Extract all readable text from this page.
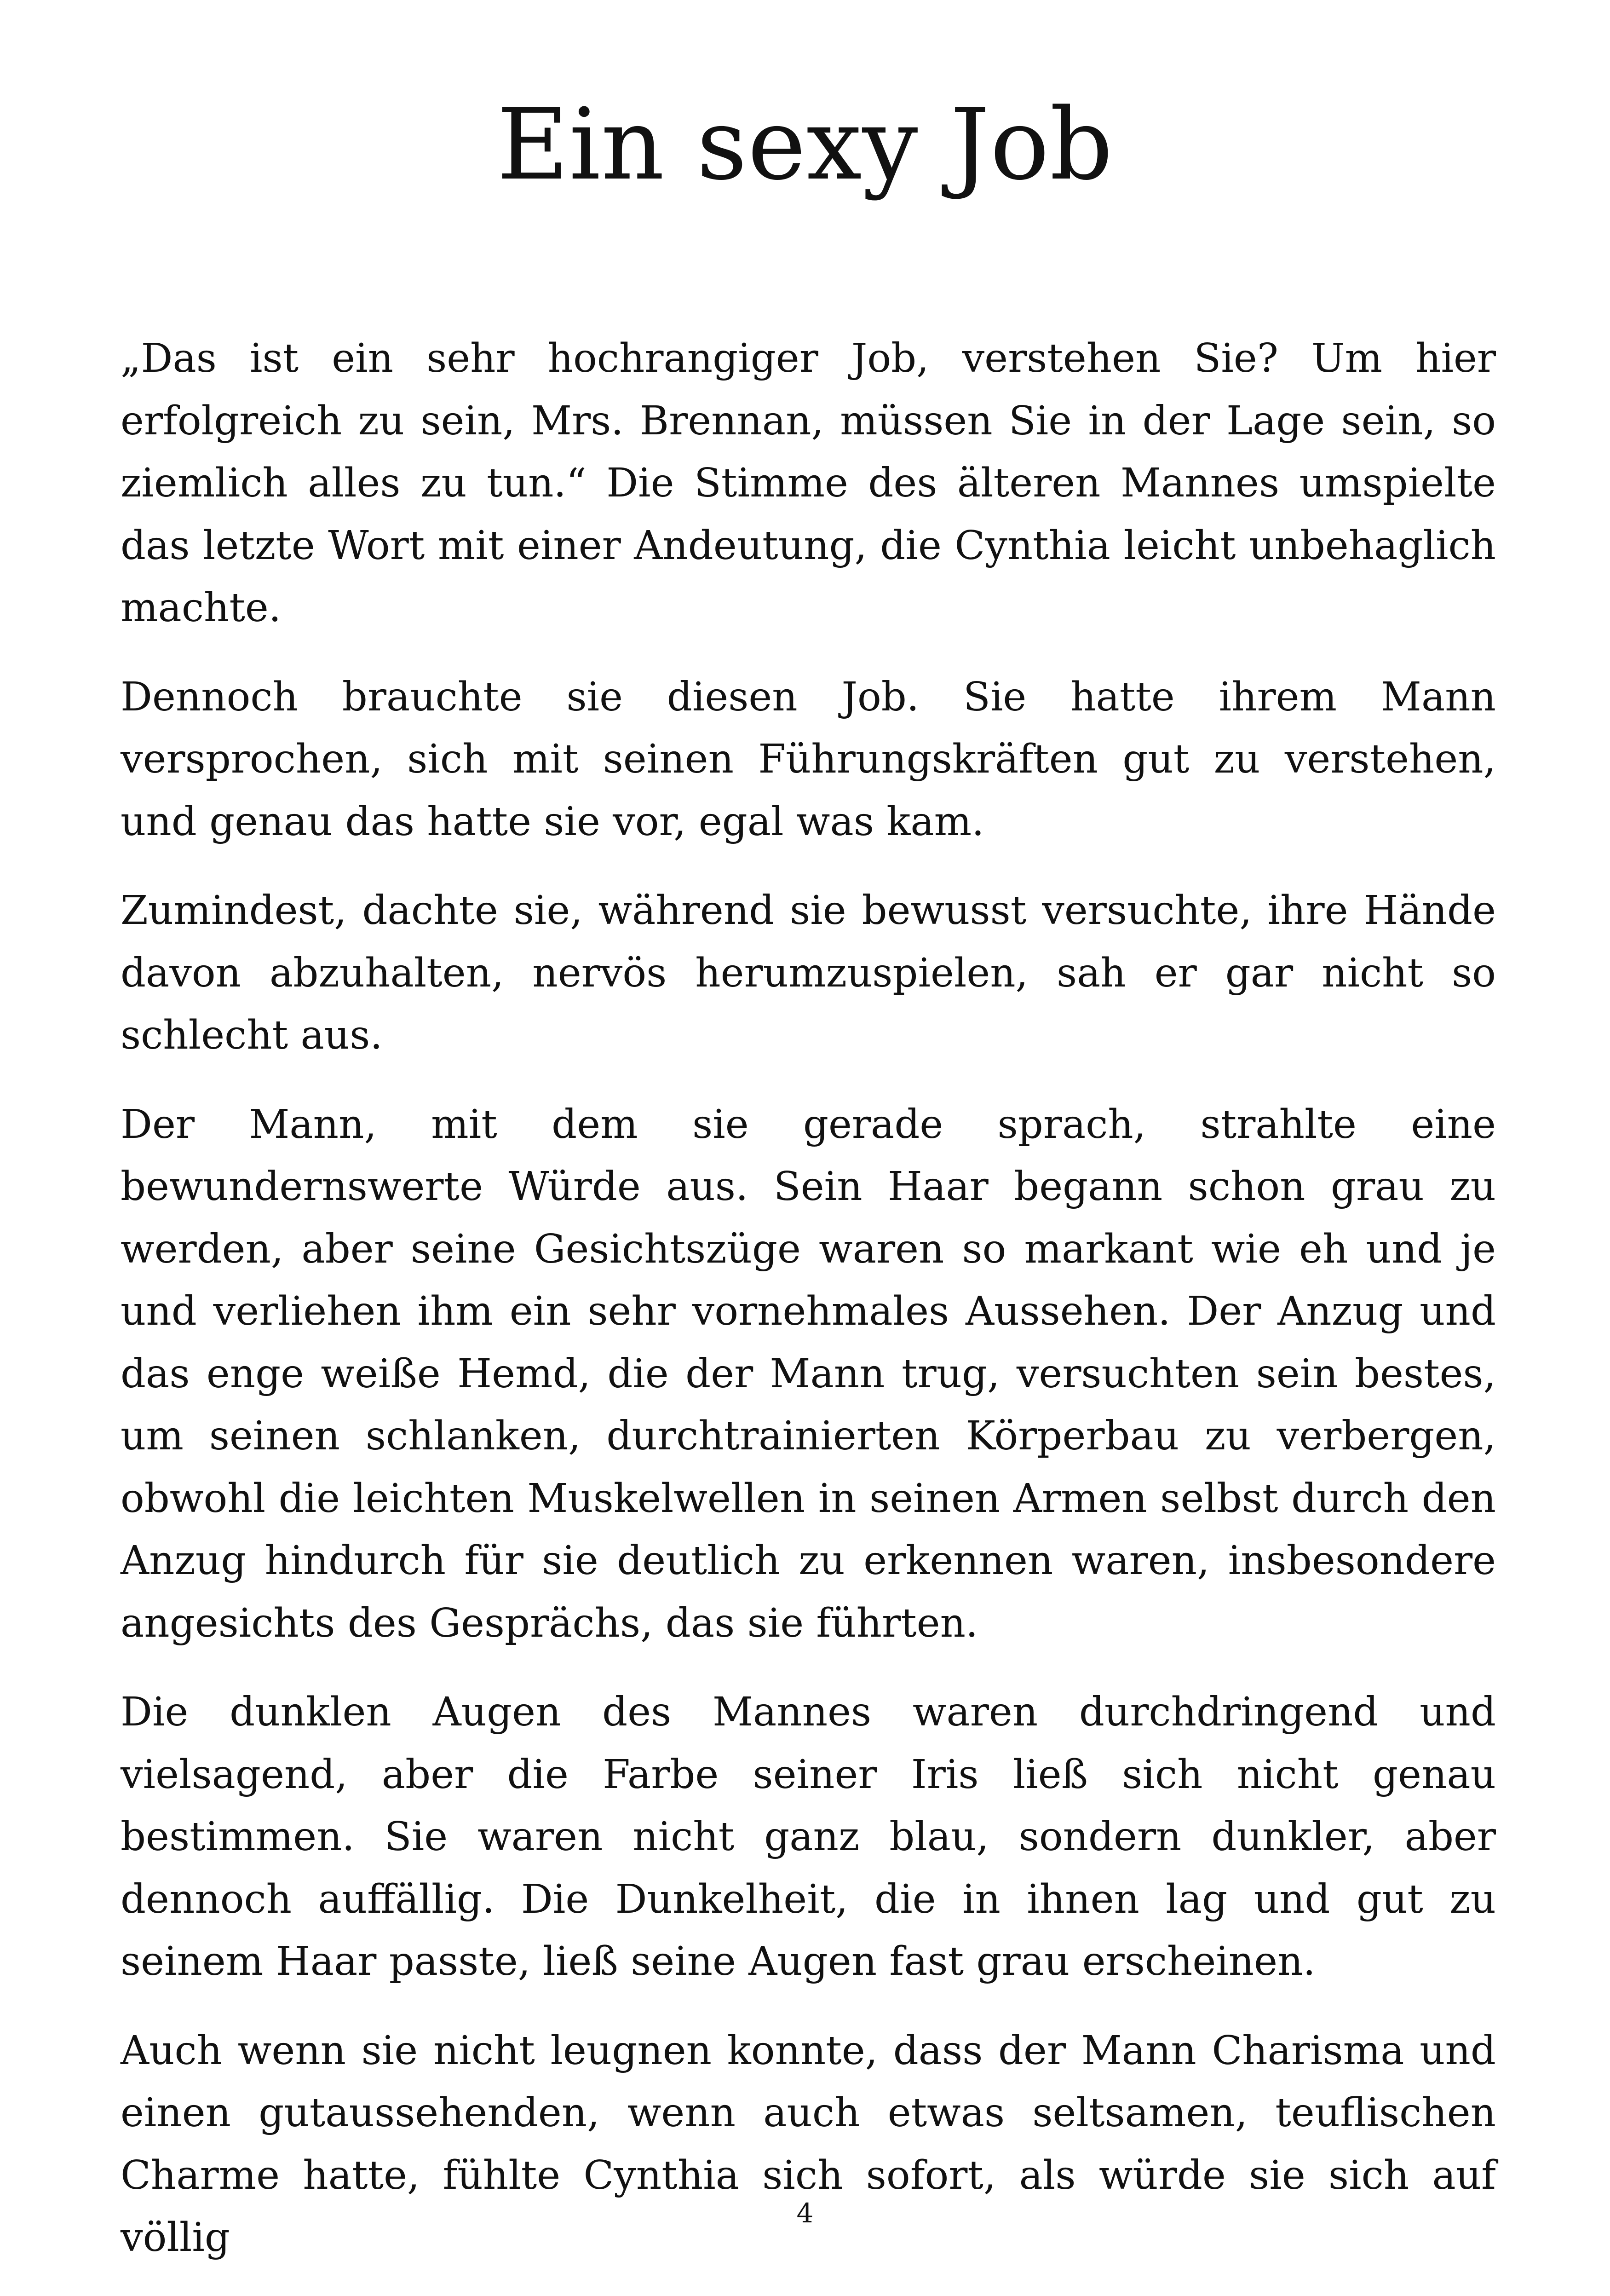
Ein sexy Job

„Das ist ein sehr hochrangiger Job, verstehen Sie? Um hier erfolgreich zu sein, Mrs. Brennan, müssen Sie in der Lage sein, so ziemlich alles zu tun.“ Die Stimme des älteren Mannes umspielte das letzte Wort mit einer Andeutung, die Cynthia leicht unbehaglich machte.

Dennoch brauchte sie diesen Job. Sie hatte ihrem Mann versprochen, sich mit seinen Führungskräften gut zu verstehen, und genau das hatte sie vor, egal was kam.

Zumindest, dachte sie, während sie bewusst versuchte, ihre Hände davon abzuhalten, nervös herumzuspielen, sah er gar nicht so schlecht aus.

Der Mann, mit dem sie gerade sprach, strahlte eine bewundernswerte Würde aus. Sein Haar begann schon grau zu werden, aber seine Gesichtszüge waren so markant wie eh und je und verliehen ihm ein sehr vornehmales Aussehen. Der Anzug und das enge weiße Hemd, die der Mann trug, versuchten sein bestes, um seinen schlanken, durchtrainierten Körperbau zu verbergen, obwohl die leichten Muskelwellen in seinen Armen selbst durch den Anzug hindurch für sie deutlich zu erkennen waren, insbesondere angesichts des Gesprächs, das sie führten.

Die dunklen Augen des Mannes waren durchdringend und vielsagend, aber die Farbe seiner Iris ließ sich nicht genau bestimmen. Sie waren nicht ganz blau, sondern dunkler, aber dennoch auffällig. Die Dunkelheit, die in ihnen lag und gut zu seinem Haar passte, ließ seine Augen fast grau erscheinen.

Auch wenn sie nicht leugnen konnte, dass der Mann Charisma und einen gutaussehenden, wenn auch etwas seltsamen, teuflischen Charme hatte, fühlte Cynthia sich sofort, als würde sie sich auf völlig

4
